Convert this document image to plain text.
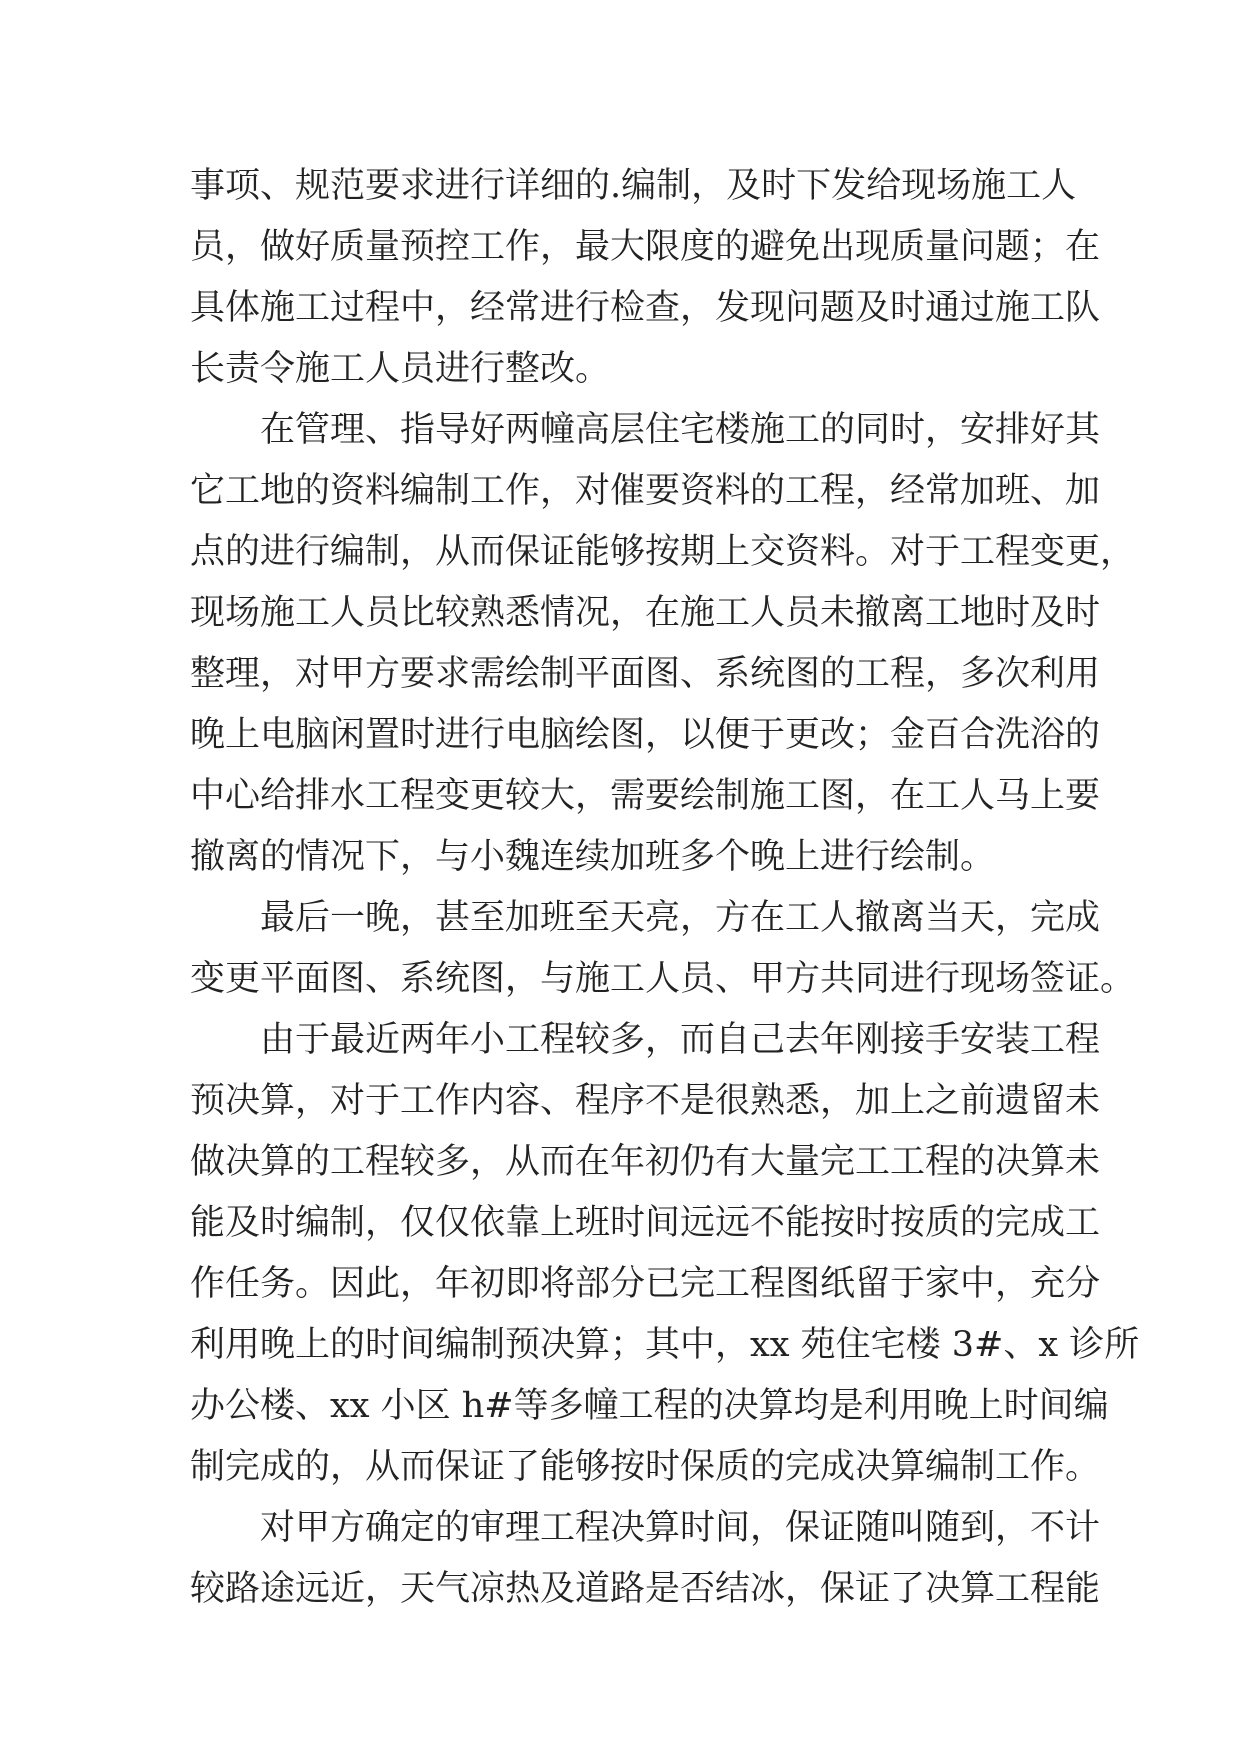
事项、规范要求进行详细的.编制，及时下发给现场施工人
员，做好质量预控工作，最大限度的避免出现质量问题；在
具体施工过程中，经常进行检查，发现问题及时通过施工队
长责令施工人员进行整改。
在管理、指导好两幢高层住宅楼施工的同时，安排好其
它工地的资料编制工作，对催要资料的工程，经常加班、加
点的进行编制，从而保证能够按期上交资料。对于工程变更，
现场施工人员比较熟悉情况，在施工人员未撤离工地时及时
整理，对甲方要求需绘制平面图、系统图的工程，多次利用
晚上电脑闲置时进行电脑绘图，以便于更改；金百合洗浴的
中心给排水工程变更较大，需要绘制施工图，在工人马上要
撤离的情况下，与小魏连续加班多个晚上进行绘制。
最后一晚，甚至加班至天亮，方在工人撤离当天，完成
变更平面图、系统图，与施工人员、甲方共同进行现场签证。
由于最近两年小工程较多，而自己去年刚接手安装工程
预决算，对于工作内容、程序不是很熟悉，加上之前遗留未
做决算的工程较多，从而在年初仍有大量完工工程的决算未
能及时编制，仅仅依靠上班时间远远不能按时按质的完成工
作任务。因此，年初即将部分已完工程图纸留于家中，充分
利用晚上的时间编制预决算；其中，xx 苑住宅楼 3#、x 诊所
办公楼、xx 小区 h#等多幢工程的决算均是利用晚上时间编
制完成的，从而保证了能够按时保质的完成决算编制工作。
对甲方确定的审理工程决算时间，保证随叫随到，不计
较路途远近，天气凉热及道路是否结冰，保证了决算工程能
